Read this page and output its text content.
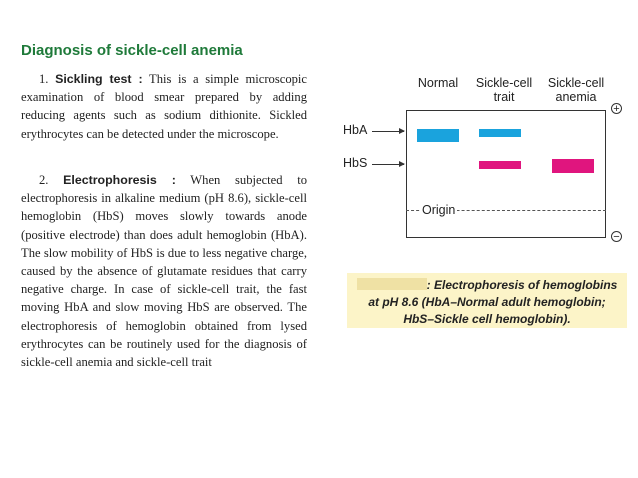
Diagnosis of sickle-cell anemia

1. Sickling test : This is a simple microscopic examination of blood smear prepared by adding reducing agents such as sodium dithionite. Sickled erythrocytes can be detected under the microscope.

2. Electrophoresis : When subjected to electrophoresis in alkaline medium (pH 8.6), sickle-cell hemoglobin (HbS) moves slowly towards anode (positive electrode) than does adult hemoglobin (HbA). The slow mobility of HbS is due to less negative charge, caused by the absence of glutamate residues that carry negative charge. In case of sickle-cell trait, the fast moving HbA and slow moving HbS are observed. The electrophoresis of hemoglobin obtained from lysed erythrocytes can be routinely used for the diagnosis of sickle-cell anemia and sickle-cell trait

Normal	Sickle-cell
trait
Sickle-cell
anemia
+
−
HbA
HbS
Origin
: Electrophoresis of hemoglobins
at pH 8.6 (HbA–Normal adult hemoglobin;
HbS–Sickle cell hemoglobin).
